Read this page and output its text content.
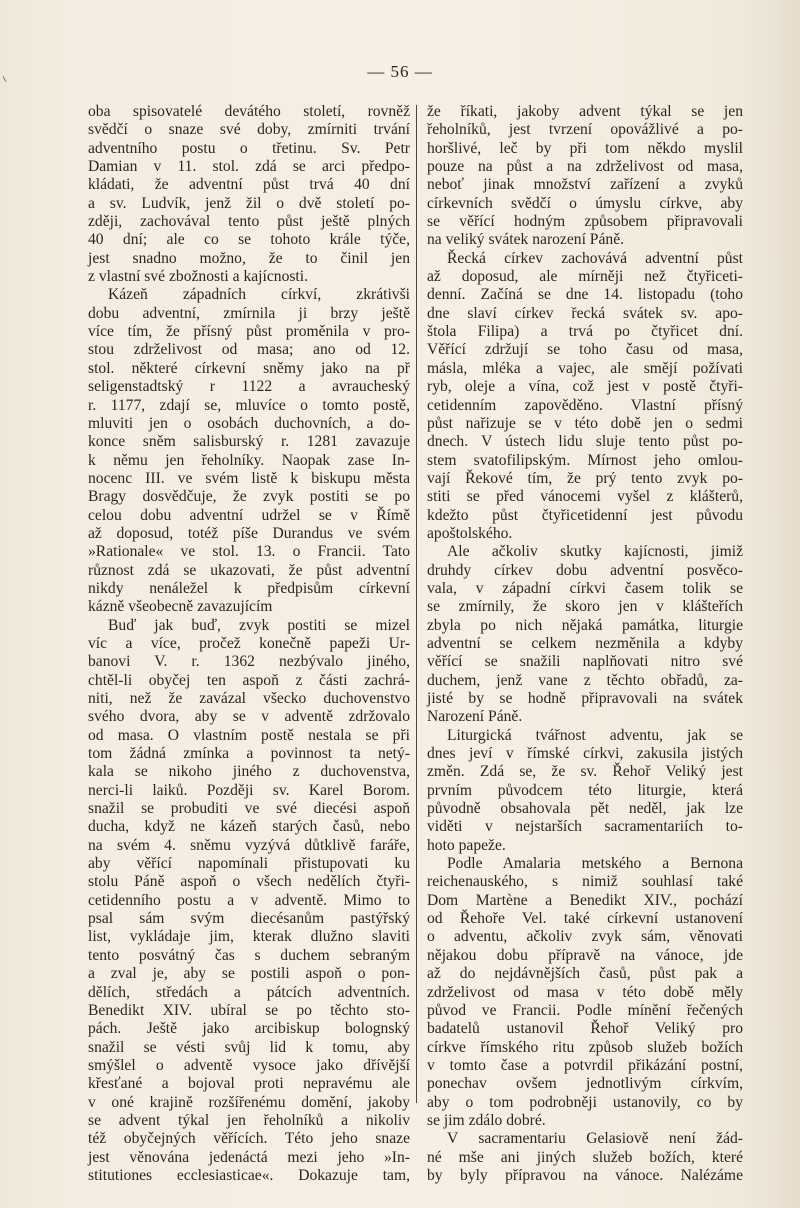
— 56 —
oba spisovatelé devátého století, rovněž
svědčí o snaze své doby, zmírniti trvání
adventního postu o třetinu. Sv. Petr
Damian v 11. stol. zdá se arci předpo-
kládati, že adventní půst trvá 40 dní
a sv. Ludvík, jenž žil o dvě století po-
zději, zachovával tento půst ještě plných
40 dní; ale co se tohoto krále týče,
jest snadno možno, že to činil jen
z vlastní své zbožnosti a kajícnosti.
Kázeň západních církví, zkrátivši
dobu adventní, zmírnila ji brzy ještě
více tím, že přísný půst proměnila v pro-
stou zdrželivost od masa; ano od 12.
stol. některé církevní sněmy jako na př
seligenstadtský r 1122 a avraucheský
r. 1177, zdají se, mluvíce o tomto postě,
mluviti jen o osobách duchovních, a do-
konce sněm salisburský r. 1281 zavazuje
k němu jen řeholníky. Naopak zase In-
nocenc III. ve svém listě k biskupu města
Bragy dosvědčuje, že zvyk postiti se po
celou dobu adventní udržel se v Římě
až doposud, totéž píše Durandus ve svém
»Rationale« ve stol. 13. o Francii. Tato
různost zdá se ukazovati, že půst adventní
nikdy nenáležel k předpisům církevní
kázně všeobecně zavazujícím
Buď jak buď, zvyk postiti se mizel
víc a více, pročež konečně papeži Ur-
banovi V. r. 1362 nezbývalo jiného,
chtěl-li obyčej ten aspoň z části zachrá-
niti, než že zavázal všecko duchovenstvo
svého dvora, aby se v adventě zdržovalo
od masa. O vlastním postě nestala se při
tom žádná zmínka a povinnost ta netý-
kala se nikoho jiného z duchovenstva,
nerci-li laiků. Později sv. Karel Borom.
snažil se probuditi ve své diecési aspoň
ducha, když ne kázeň starých časů, nebo
na svém 4. sněmu vyzývá důtklivě faráře,
aby věřící napomínali přistupovati ku
stolu Páně aspoň o všech nedělích čtyři-
cetidenního postu a v adventě. Mimo to
psal sám svým diecésanům pastýřský
list, vykládaje jim, kterak dlužno slaviti
tento posvátný čas s duchem sebraným
a zval je, aby se postili aspoň o pon-
dělích, středách a pátcích adventních.
Benedikt XIV. ubíral se po těchto sto-
pách. Ještě jako arcibiskup bolognský
snažil se vésti svůj lid k tomu, aby
smýšlel o adventě vysoce jako dřívější
křesťané a bojoval proti nepravému ale
v oné krajině rozšířenému domění, jakoby
se advent týkal jen řeholníků a nikoliv
též obyčejných věřících. Této jeho snaze
jest věnována jedenáctá mezi jeho »In-
stitutiones ecclesiasticae«. Dokazuje tam,
že říkati, jakoby advent týkal se jen
řeholníků, jest tvrzení opovážlivé a po-
horšlivé, leč by při tom někdo myslil
pouze na půst a na zdrželivost od masa,
neboť jinak množství zařízení a zvyků
církevních svědčí o úmyslu církve, aby
se věřící hodným způsobem připravovali
na veliký svátek narození Páně.
Řecká církev zachovává adventní půst
až doposud, ale mírněji než čtyřiceti-
denní. Začíná se dne 14. listopadu (toho
dne slaví církev řecká svátek sv. apo-
štola Filipa) a trvá po čtyřicet dní.
Věřící zdržují se toho času od masa,
másla, mléka a vajec, ale smějí požívati
ryb, oleje a vína, což jest v postě čtyři-
cetidenním zapověděno. Vlastní přísný
půst nařizuje se v této době jen o sedmi
dnech. V ústech lidu sluje tento půst po-
stem svatofilipským. Mírnost jeho omlou-
vají Řekové tím, že prý tento zvyk po-
stiti se před vánocemi vyšel z klášterů,
kdežto půst čtyřicetidenní jest původu
apoštolského.
Ale ačkoliv skutky kajícnosti, jimiž
druhdy církev dobu adventní posvěco-
vala, v západní církvi časem tolik se
se zmírnily, že skoro jen v klášteřích
zbyla po nich nějaká památka, liturgie
adventní se celkem nezměnila a kdyby
věřící se snažili naplňovati nitro své
duchem, jenž vane z těchto obřadů, za-
jisté by se hodně připravovali na svátek
Narození Páně.
Liturgická tvářnost adventu, jak se
dnes jeví v římské církvi, zakusila jistých
změn. Zdá se, že sv. Řehoř Veliký jest
prvním původcem této liturgie, která
původně obsahovala pět neděl, jak lze
viděti v nejstarších sacramentariích to-
hoto papeže.
Podle Amalaria metského a Bernona
reichenauského, s nimiž souhlasí také
Dom Martène a Benedikt XIV., pochází
od Řehoře Vel. také církevní ustanovení
o adventu, ačkoliv zvyk sám, věnovati
nějakou dobu přípravě na vánoce, jde
až do nejdávnějších časů, půst pak a
zdrželivost od masa v této době měly
původ ve Francii. Podle mínění řečených
badatelů ustanovil Řehoř Veliký pro
církve římského ritu způsob služeb božích
v tomto čase a potvrdil přikázání postní,
ponechav ovšem jednotlivým církvím,
aby o tom podrobněji ustanovily, co by
se jim zdálo dobré.
V sacramentariu Gelasiově není žád-
né mše ani jiných služeb božích, které
by byly přípravou na vánoce. Nalézáme
